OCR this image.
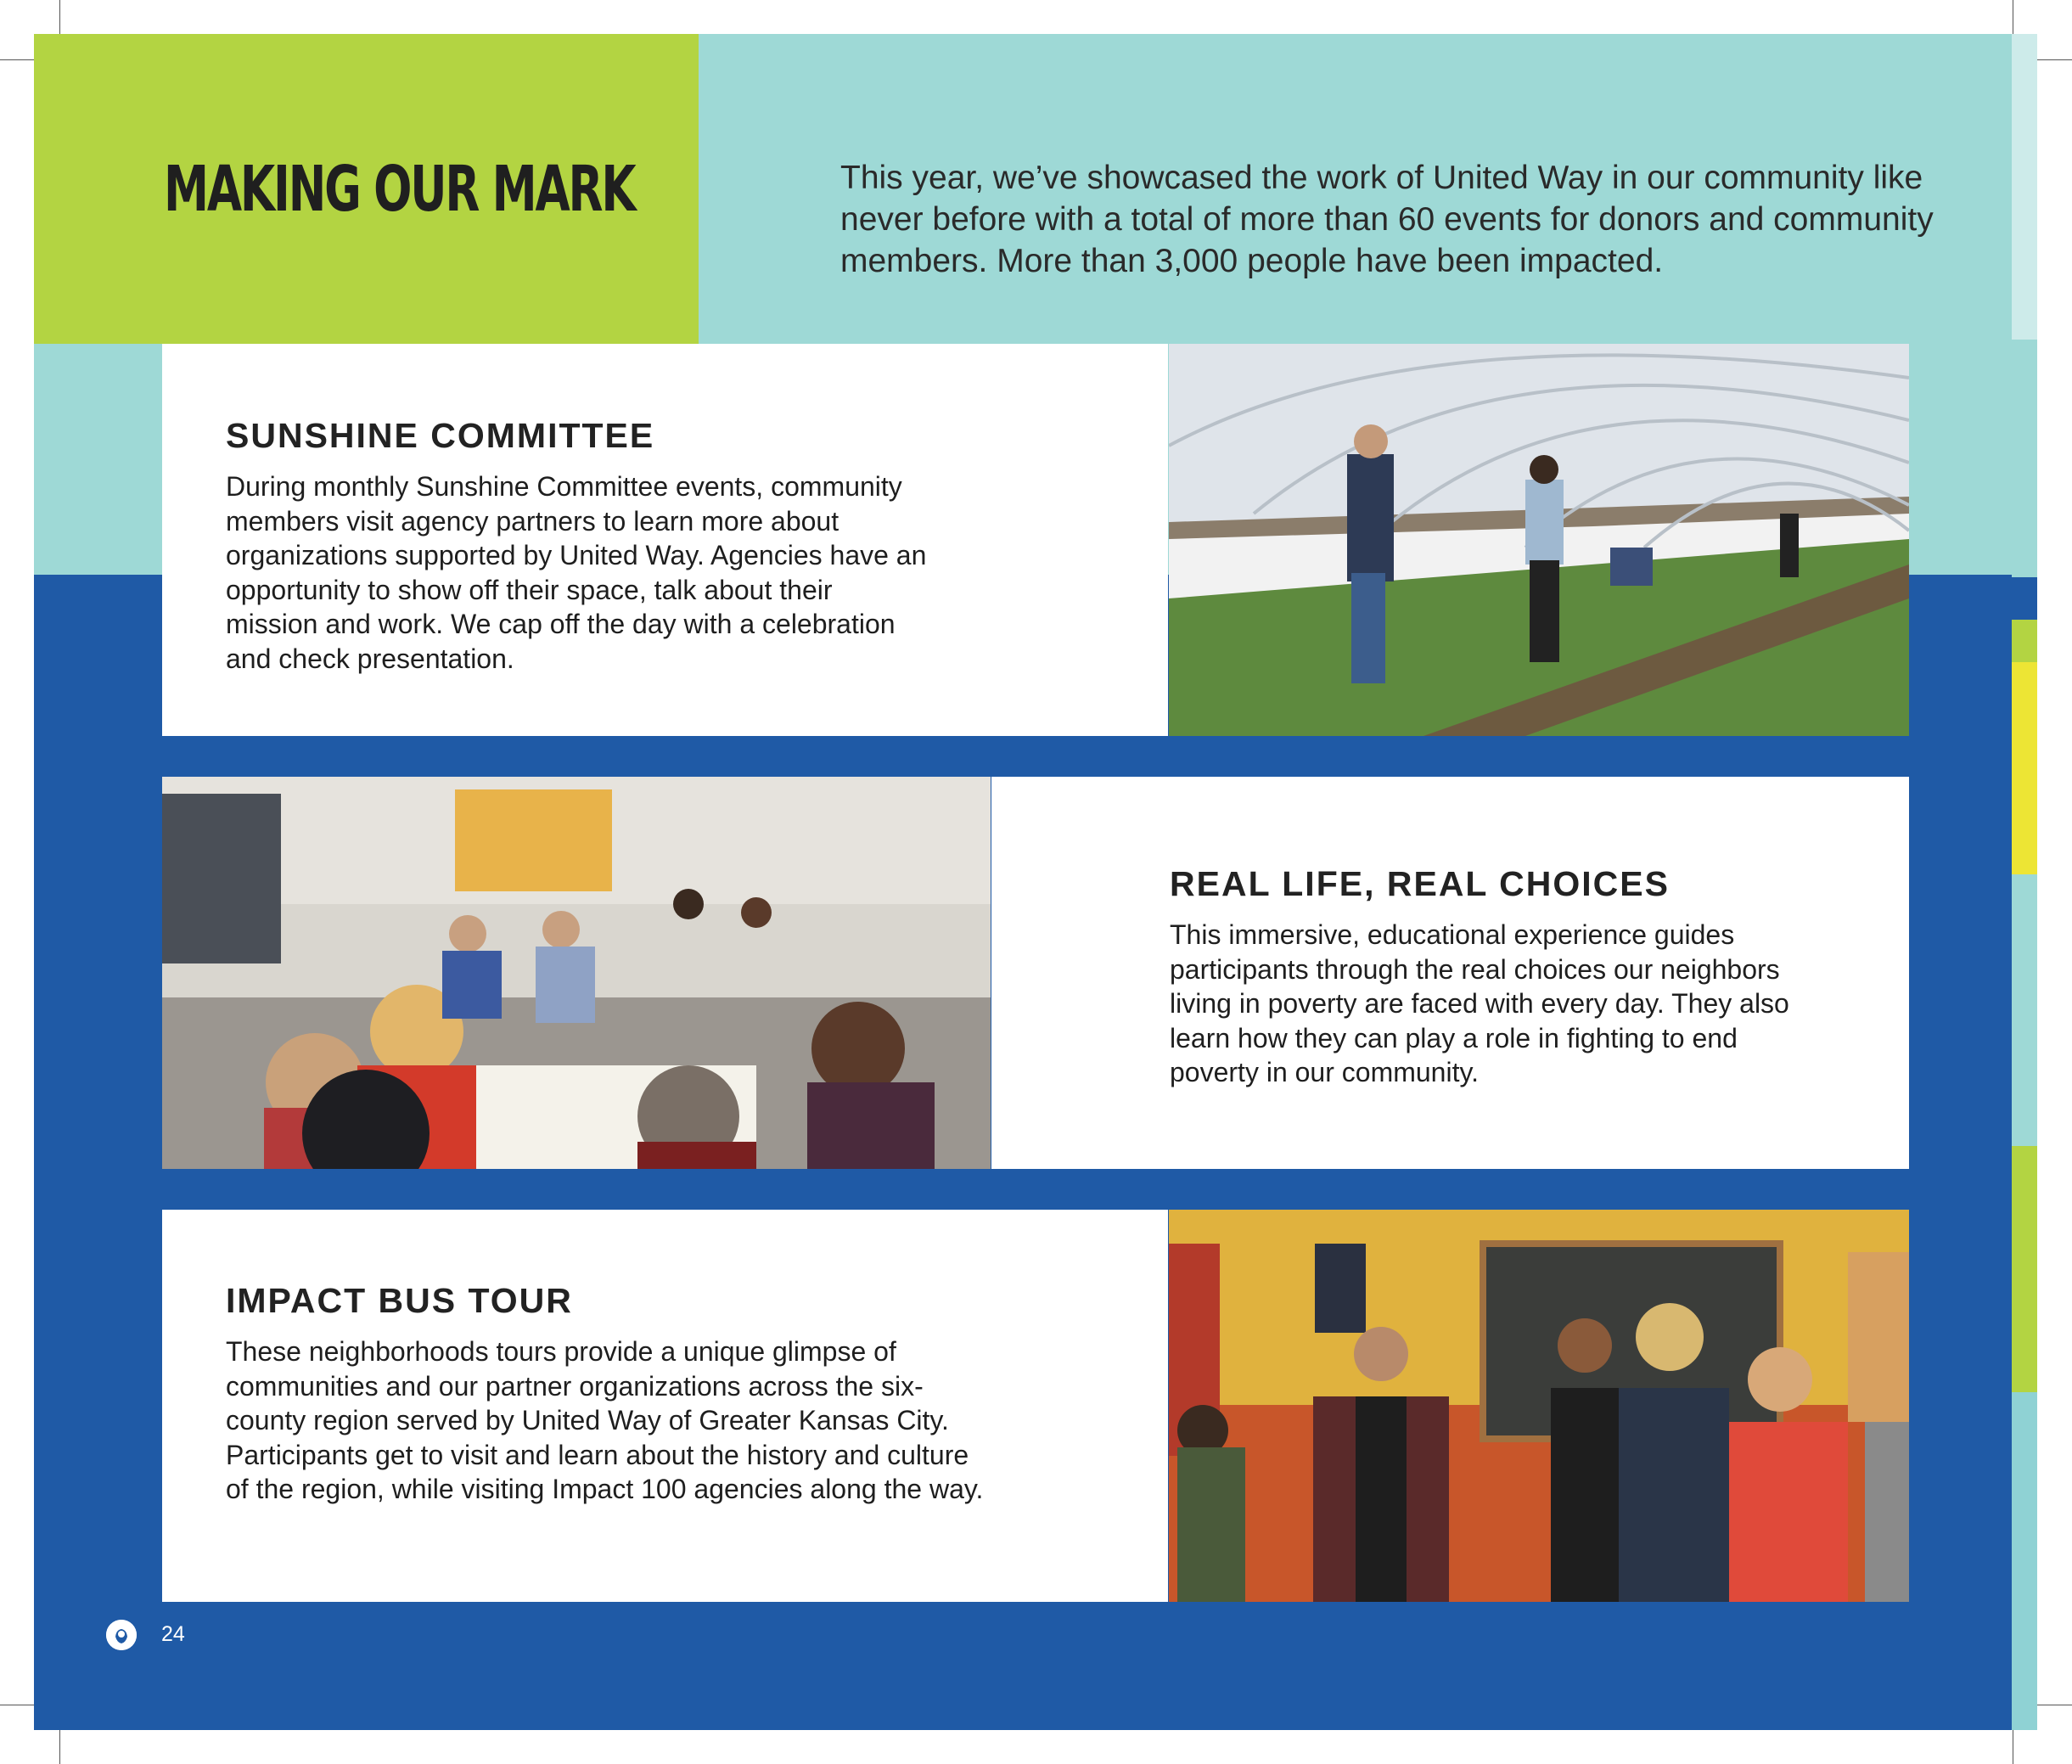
MAKING OUR MARK	This year, we’ve showcased the work of United Way in our community like never before with a total of more than 60 events for donors and community members. More than 3,000 people have been impacted.
SUNSHINE COMMITTEE

During monthly Sunshine Committee events, community members visit agency partners to learn more about organizations supported by United Way. Agencies have an opportunity to show off their space, talk about their mission and work. We cap off the day with a celebration and check presentation.

REAL LIFE, REAL CHOICES

This immersive, educational experience guides participants through the real choices our neighbors living in poverty are faced with every day. They also learn how they can play a role in fighting to end poverty in our community.

IMPACT BUS TOUR

These neighborhoods tours provide a unique glimpse of communities and our partner organizations across the six-county region served by United Way of Greater Kansas City. Participants get to visit and learn about the history and culture of the region, while visiting Impact 100 agencies along the way.

24
